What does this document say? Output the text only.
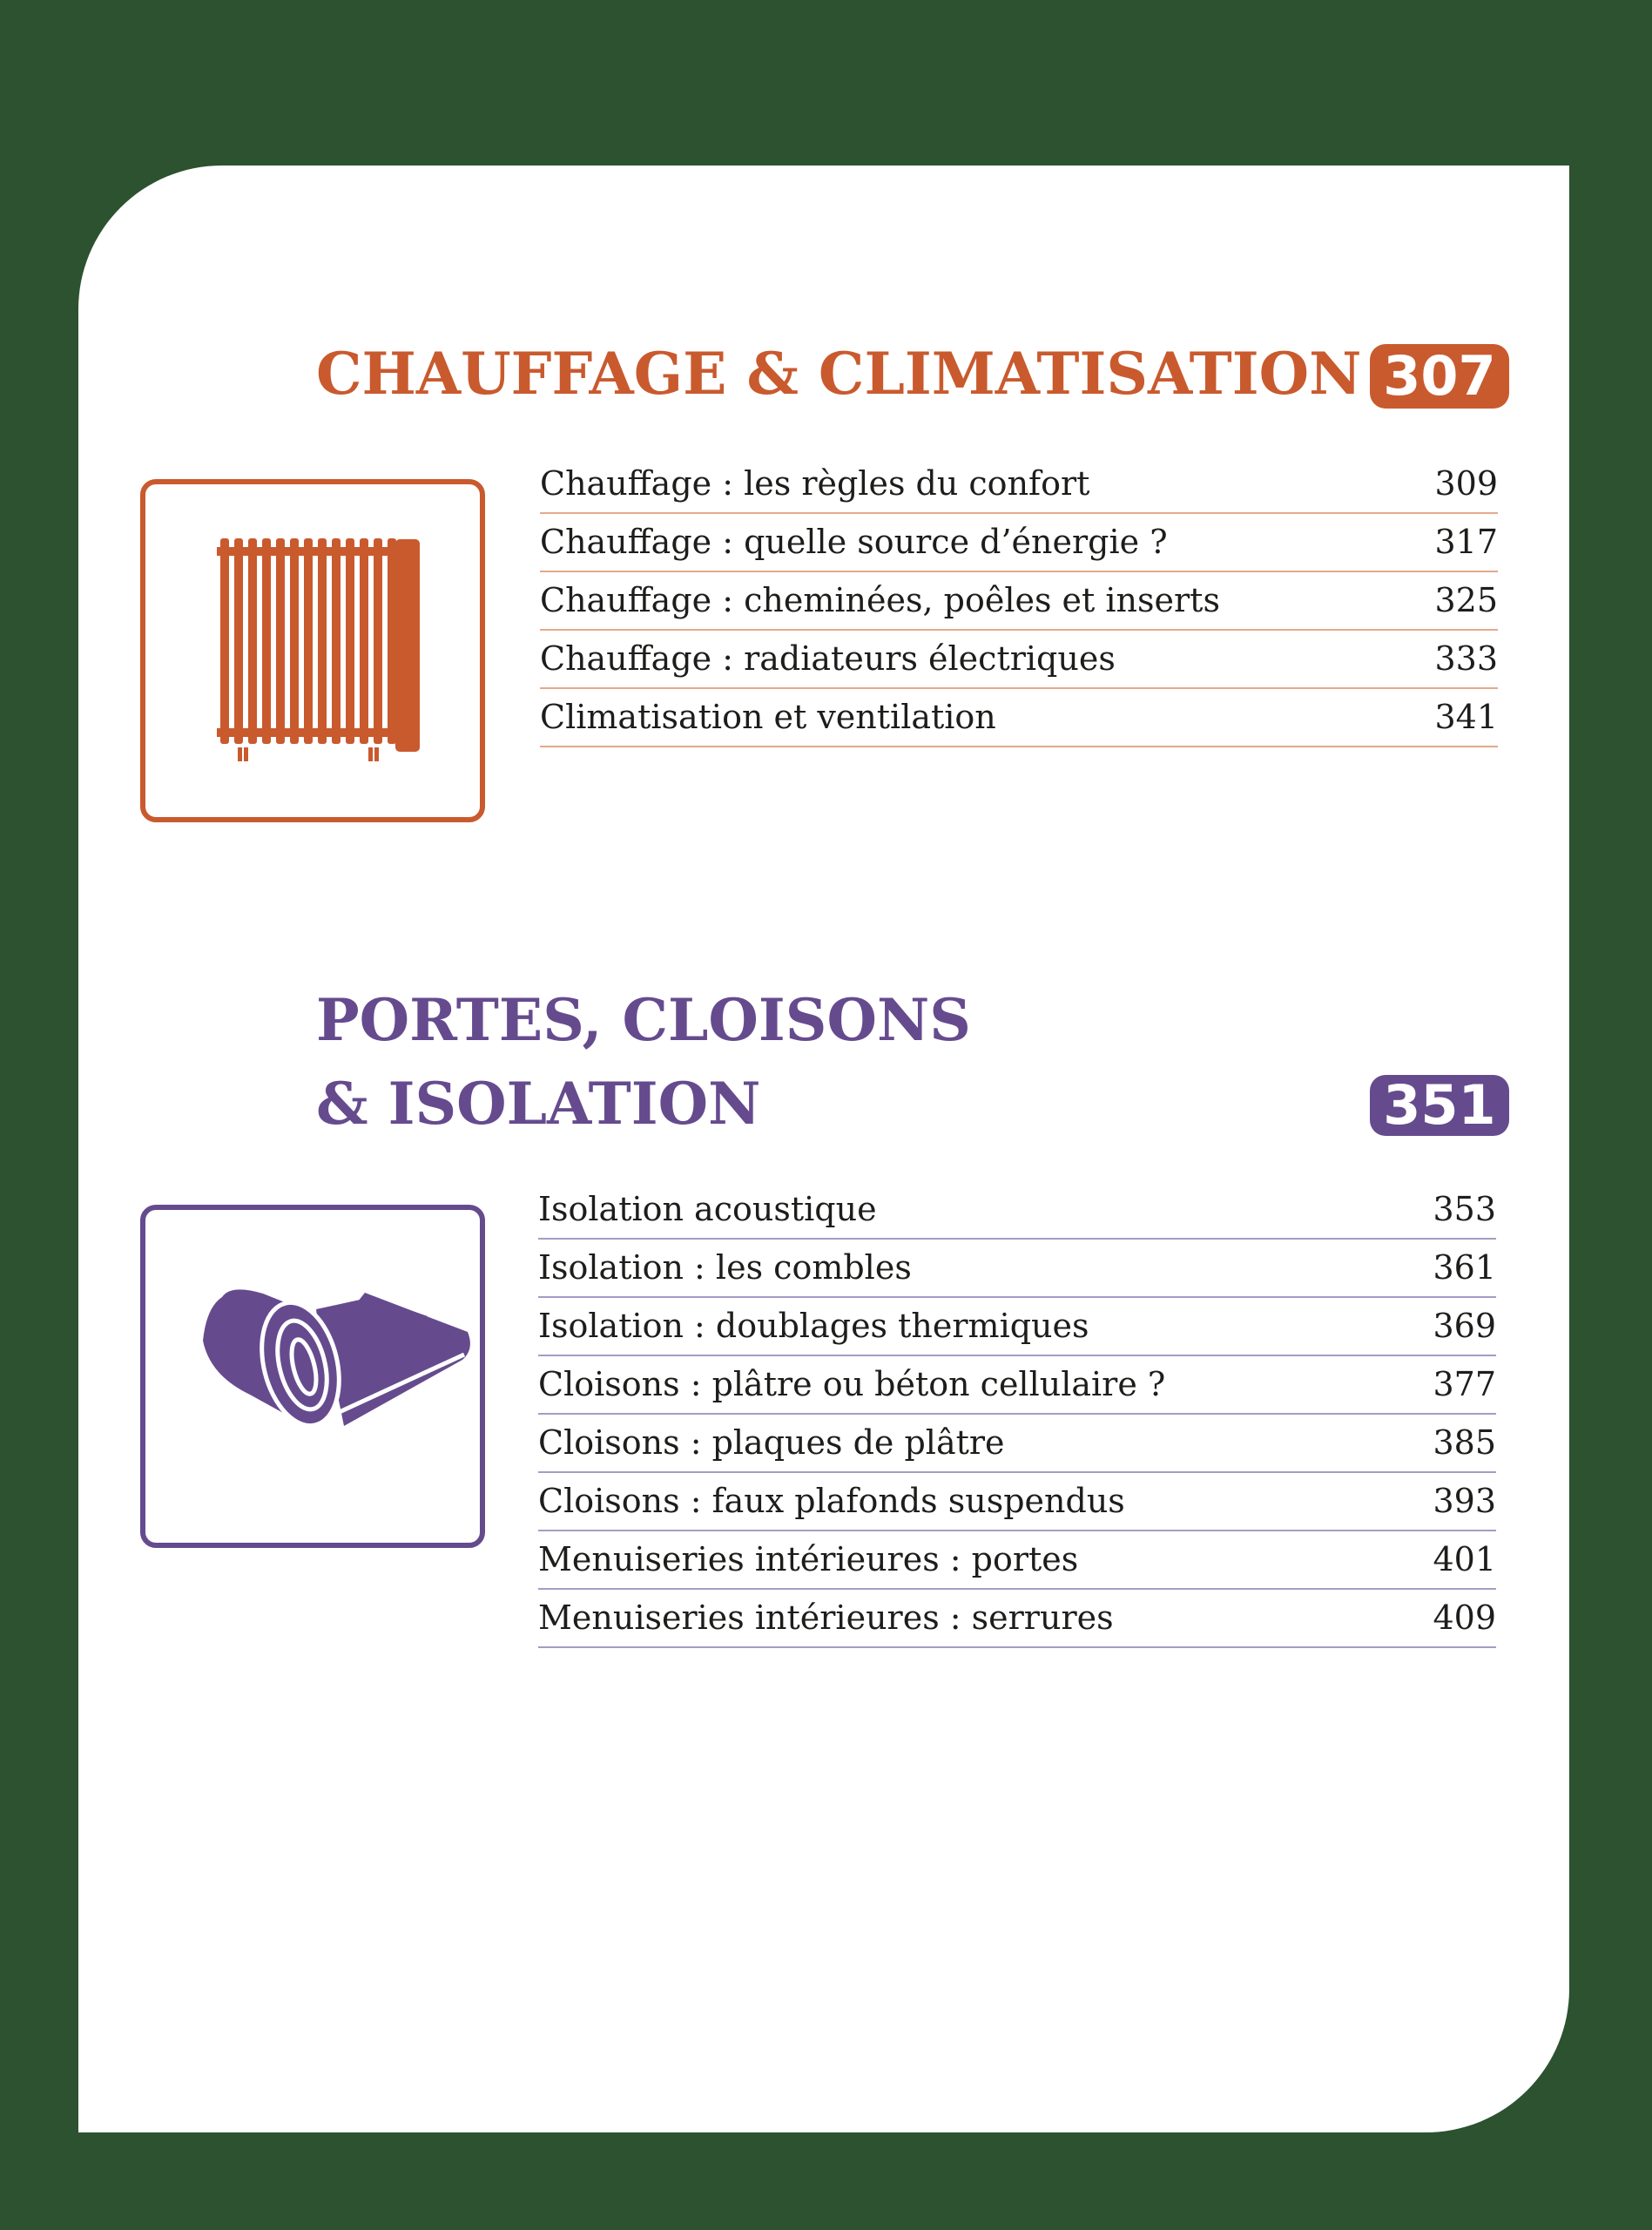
CHAUFFAGE & CLIMATISATION 307
Chauffage : les règles du confort	309
Chauffage : quelle source d’énergie ?	317
Chauffage : cheminées, poêles et inserts	325
Chauffage : radiateurs électriques	333
Climatisation et ventilation	341
PORTES, CLOISONS
& ISOLATION	351
Isolation acoustique	353
Isolation : les combles	361
Isolation : doublages thermiques	369
Cloisons : plâtre ou béton cellulaire ?	377
Cloisons : plaques de plâtre	385
Cloisons : faux plafonds suspendus	393
Menuiseries intérieures : portes	401
Menuiseries intérieures : serrures	409
